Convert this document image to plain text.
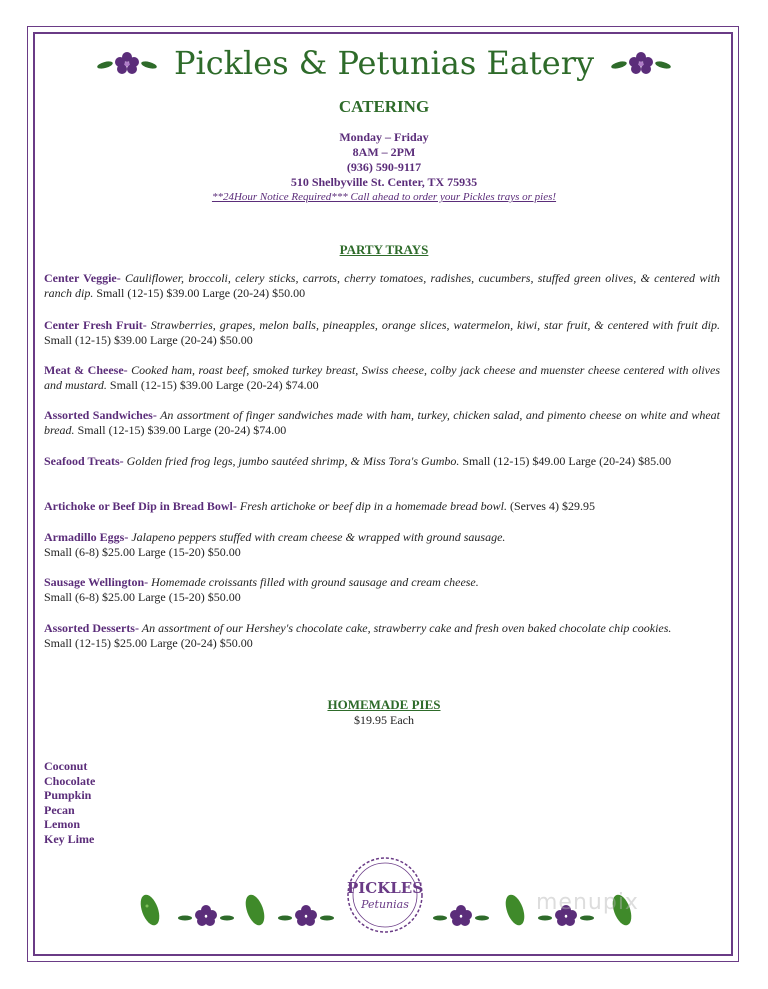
Pickles & Petunias Eatery
CATERING
Monday – Friday
8AM – 2PM
(936) 590-9117
510 Shelbyville St. Center, TX 75935
**24Hour Notice Required*** Call ahead to order your Pickles trays or pies!
PARTY TRAYS

Center Veggie- Cauliflower, broccoli, celery sticks, carrots, cherry tomatoes, radishes, cucumbers, stuffed green olives, & centered with ranch dip. Small (12-15) $39.00 Large (20-24) $50.00

Center Fresh Fruit- Strawberries, grapes, melon balls, pineapples, orange slices, watermelon, kiwi, star fruit, & centered with fruit dip. Small (12-15) $39.00 Large (20-24) $50.00

Meat & Cheese- Cooked ham, roast beef, smoked turkey breast, Swiss cheese, colby jack cheese and muenster cheese centered with olives and mustard. Small (12-15) $39.00 Large (20-24) $74.00

Assorted Sandwiches- An assortment of finger sandwiches made with ham, turkey, chicken salad, and pimento cheese on white and wheat bread. Small (12-15) $39.00 Large (20-24) $74.00

Seafood Treats- Golden fried frog legs, jumbo sautéed shrimp, & Miss Tora's Gumbo. Small (12-15) $49.00 Large (20-24) $85.00

Artichoke or Beef Dip in Bread Bowl- Fresh artichoke or beef dip in a homemade bread bowl. (Serves 4) $29.95

Armadillo Eggs- Jalapeno peppers stuffed with cream cheese & wrapped with ground sausage.
Small (6-8) $25.00 Large (15-20) $50.00

Sausage Wellington- Homemade croissants filled with ground sausage and cream cheese.
Small (6-8) $25.00 Large (15-20) $50.00

Assorted Desserts- An assortment of our Hershey's chocolate cake, strawberry cake and fresh oven baked chocolate chip cookies.
Small (12-15) $25.00 Large (20-24) $50.00

HOMEMADE PIES
$19.95 Each
Coconut
Chocolate
Pumpkin
Pecan
Lemon
Key Lime
PICKLES
Petunias	menupix
